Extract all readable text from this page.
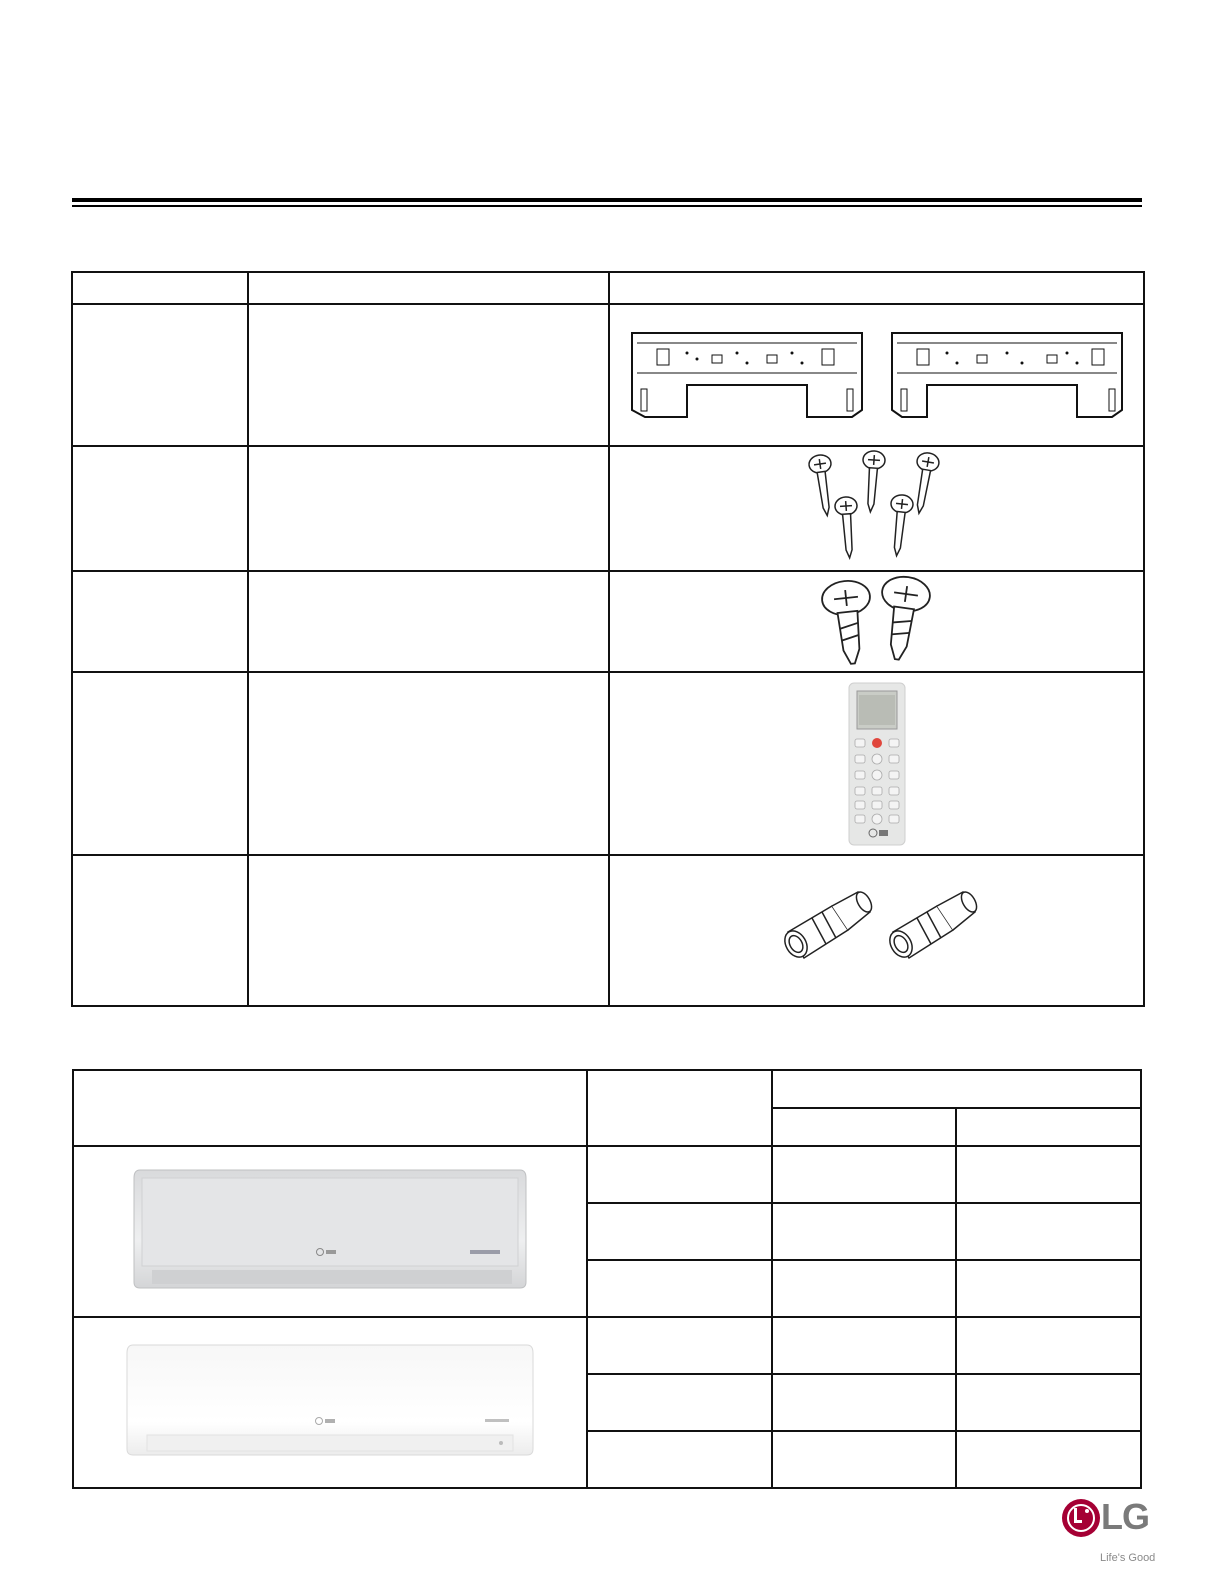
LG
Life's Good
